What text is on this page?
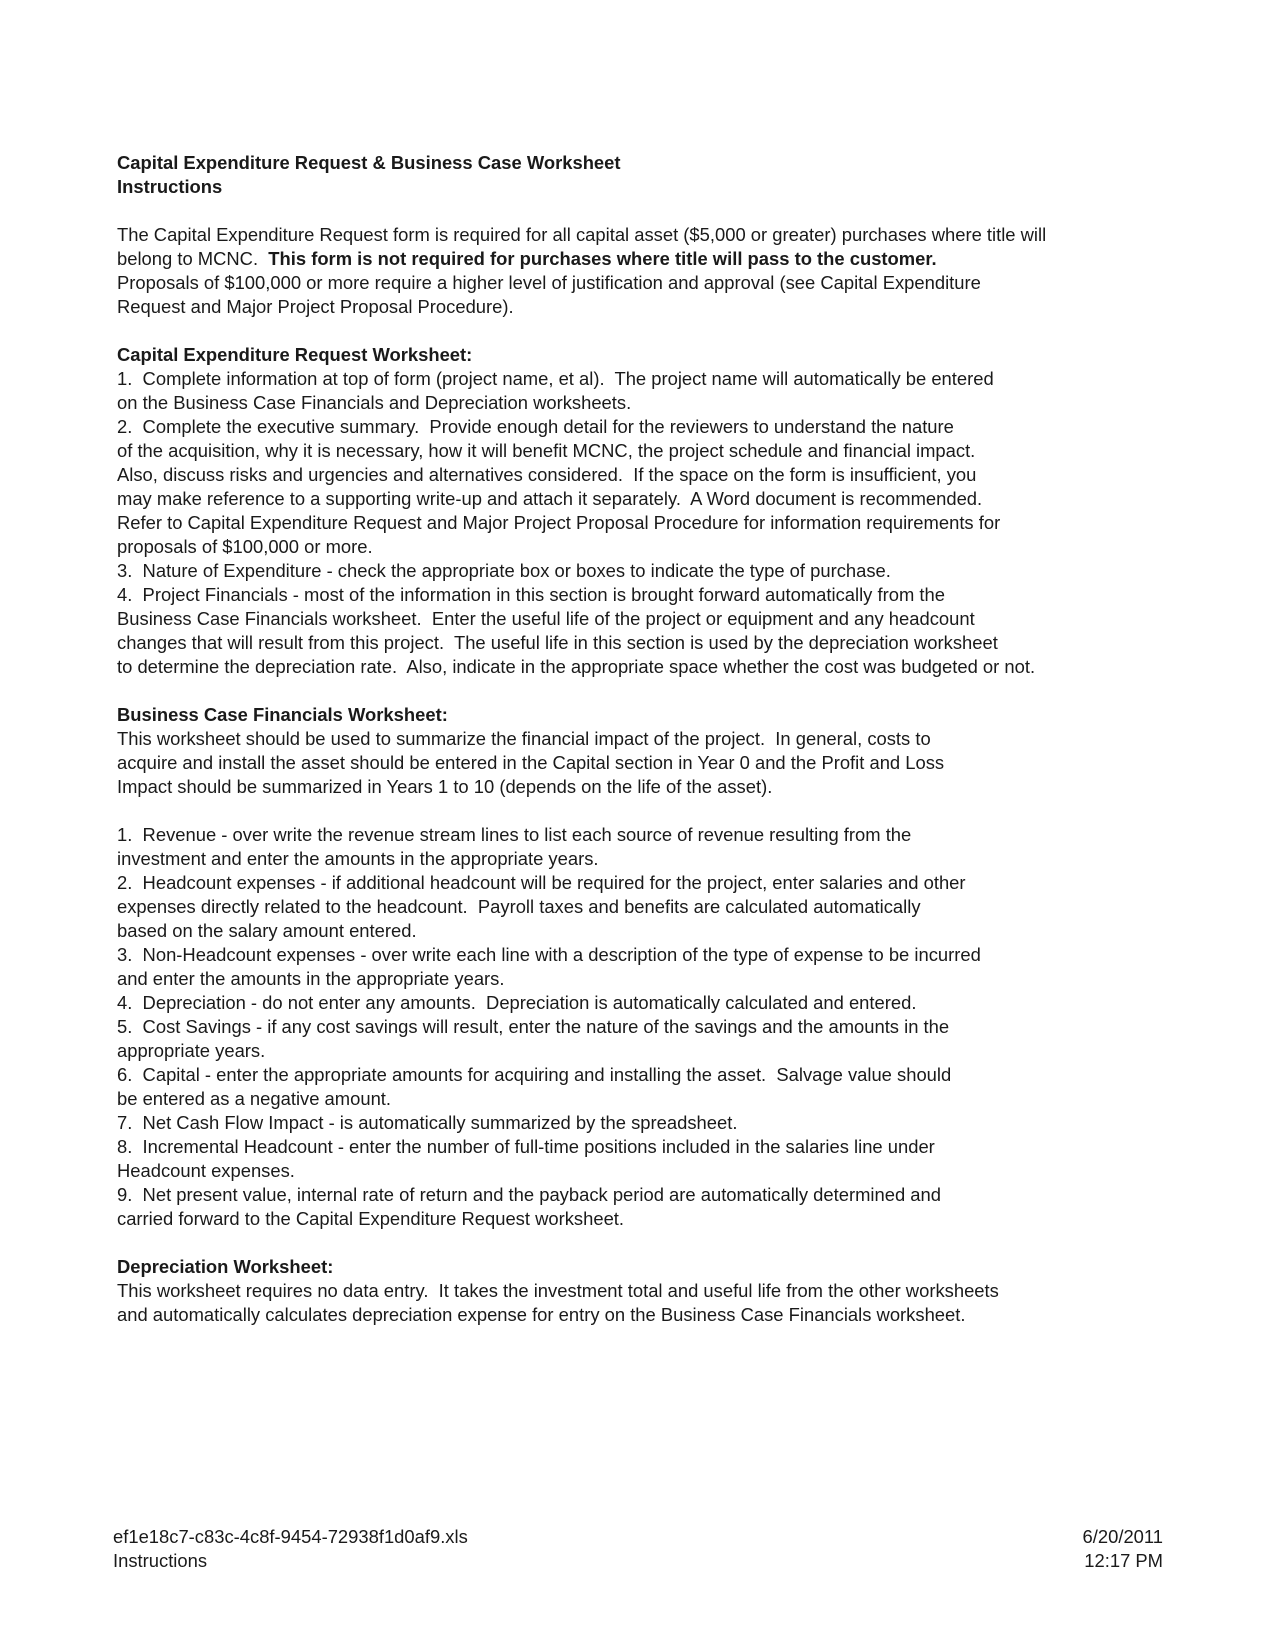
Capital Expenditure Request & Business Case Worksheet
Instructions
The Capital Expenditure Request form is required for all capital asset ($5,000 or greater) purchases where title will
belong to MCNC.  This form is not required for purchases where title will pass to the customer.
Proposals of $100,000 or more require a higher level of justification and approval (see Capital Expenditure
Request and Major Project Proposal Procedure).
Capital Expenditure Request Worksheet:
1.  Complete information at top of form (project name, et al).  The project name will automatically be entered
on the Business Case Financials and Depreciation worksheets.
2.  Complete the executive summary.  Provide enough detail for the reviewers to understand the nature
of the acquisition, why it is necessary, how it will benefit MCNC, the project schedule and financial impact.
Also, discuss risks and urgencies and alternatives considered.  If the space on the form is insufficient, you
may make reference to a supporting write-up and attach it separately.  A Word document is recommended.
Refer to Capital Expenditure Request and Major Project Proposal Procedure for information requirements for
proposals of $100,000 or more.
3.  Nature of Expenditure - check the appropriate box or boxes to indicate the type of purchase.
4.  Project Financials - most of the information in this section is brought forward automatically from the
Business Case Financials worksheet.  Enter the useful life of the project or equipment and any headcount
changes that will result from this project.  The useful life in this section is used by the depreciation worksheet
to determine the depreciation rate.  Also, indicate in the appropriate space whether the cost was budgeted or not.
Business Case Financials Worksheet:
This worksheet should be used to summarize the financial impact of the project.  In general, costs to
acquire and install the asset should be entered in the Capital section in Year 0 and the Profit and Loss
Impact should be summarized in Years 1 to 10 (depends on the life of the asset).
1.  Revenue - over write the revenue stream lines to list each source of revenue resulting from the
investment and enter the amounts in the appropriate years.
2.  Headcount expenses - if additional headcount will be required for the project, enter salaries and other
expenses directly related to the headcount.  Payroll taxes and benefits are calculated automatically
based on the salary amount entered.
3.  Non-Headcount expenses - over write each line with a description of the type of expense to be incurred
and enter the amounts in the appropriate years.
4.  Depreciation - do not enter any amounts.  Depreciation is automatically calculated and entered.
5.  Cost Savings - if any cost savings will result, enter the nature of the savings and the amounts in the
appropriate years.
6.  Capital - enter the appropriate amounts for acquiring and installing the asset.  Salvage value should
be entered as a negative amount.
7.  Net Cash Flow Impact - is automatically summarized by the spreadsheet.
8.  Incremental Headcount - enter the number of full-time positions included in the salaries line under
Headcount expenses.
9.  Net present value, internal rate of return and the payback period are automatically determined and
carried forward to the Capital Expenditure Request worksheet.
Depreciation Worksheet:
This worksheet requires no data entry.  It takes the investment total and useful life from the other worksheets
and automatically calculates depreciation expense for entry on the Business Case Financials worksheet.
ef1e18c7-c83c-4c8f-9454-72938f1d0af9.xls
Instructions
6/20/2011
12:17 PM
